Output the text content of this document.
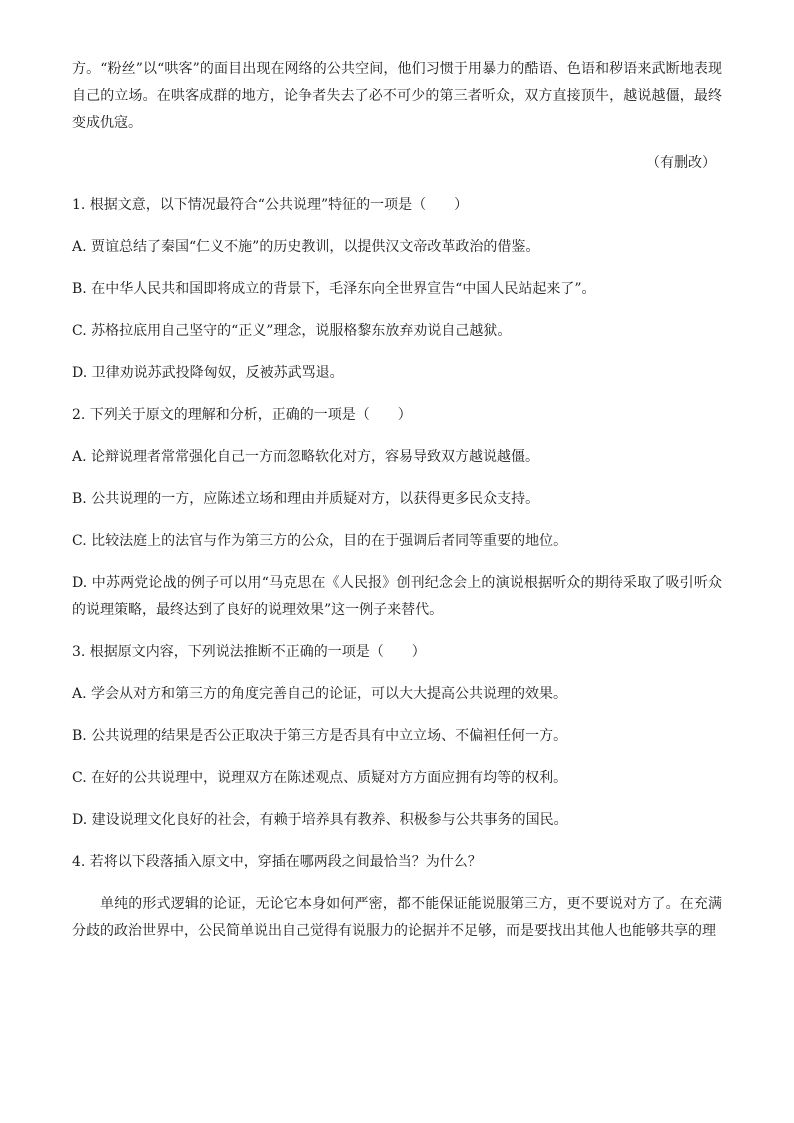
方。“粉丝”以“哄客”的面目出现在网络的公共空间，他们习惯于用暴力的酷语、色语和秽语来武断地表现自己的立场。在哄客成群的地方，论争者失去了必不可少的第三者听众，双方直接顶牛，越说越僵，最终变成仇寇。

（有删改）

1. 根据文意，以下情况最符合“公共说理”特征的一项是（　　）

A. 贾谊总结了秦国“仁义不施”的历史教训，以提供汉文帝改革政治的借鉴。

B. 在中华人民共和国即将成立的背景下，毛泽东向全世界宣告“中国人民站起来了”。

C. 苏格拉底用自己坚守的“正义”理念，说服格黎东放弃劝说自己越狱。

D. 卫律劝说苏武投降匈奴，反被苏武骂退。

2. 下列关于原文的理解和分析，正确的一项是（　　）

A. 论辩说理者常常强化自己一方而忽略软化对方，容易导致双方越说越僵。

B. 公共说理的一方，应陈述立场和理由并质疑对方，以获得更多民众支持。

C. 比较法庭上的法官与作为第三方的公众，目的在于强调后者同等重要的地位。

D. 中苏两党论战的例子可以用“马克思在《人民报》创刊纪念会上的演说根据听众的期待采取了吸引听众的说理策略，最终达到了良好的说理效果”这一例子来替代。

3. 根据原文内容，下列说法推断不正确的一项是（　　）

A. 学会从对方和第三方的角度完善自己的论证，可以大大提高公共说理的效果。

B. 公共说理的结果是否公正取决于第三方是否具有中立立场、不偏袒任何一方。

C. 在好的公共说理中，说理双方在陈述观点、质疑对方方面应拥有均等的权利。

D. 建设说理文化良好的社会，有赖于培养具有教养、积极参与公共事务的国民。

4. 若将以下段落插入原文中，穿插在哪两段之间最恰当？为什么？

单纯的形式逻辑的论证，无论它本身如何严密，都不能保证能说服第三方，更不要说对方了。在充满分歧的政治世界中，公民简单说出自己觉得有说服力的论据并不足够，而是要找出其他人也能够共享的理
